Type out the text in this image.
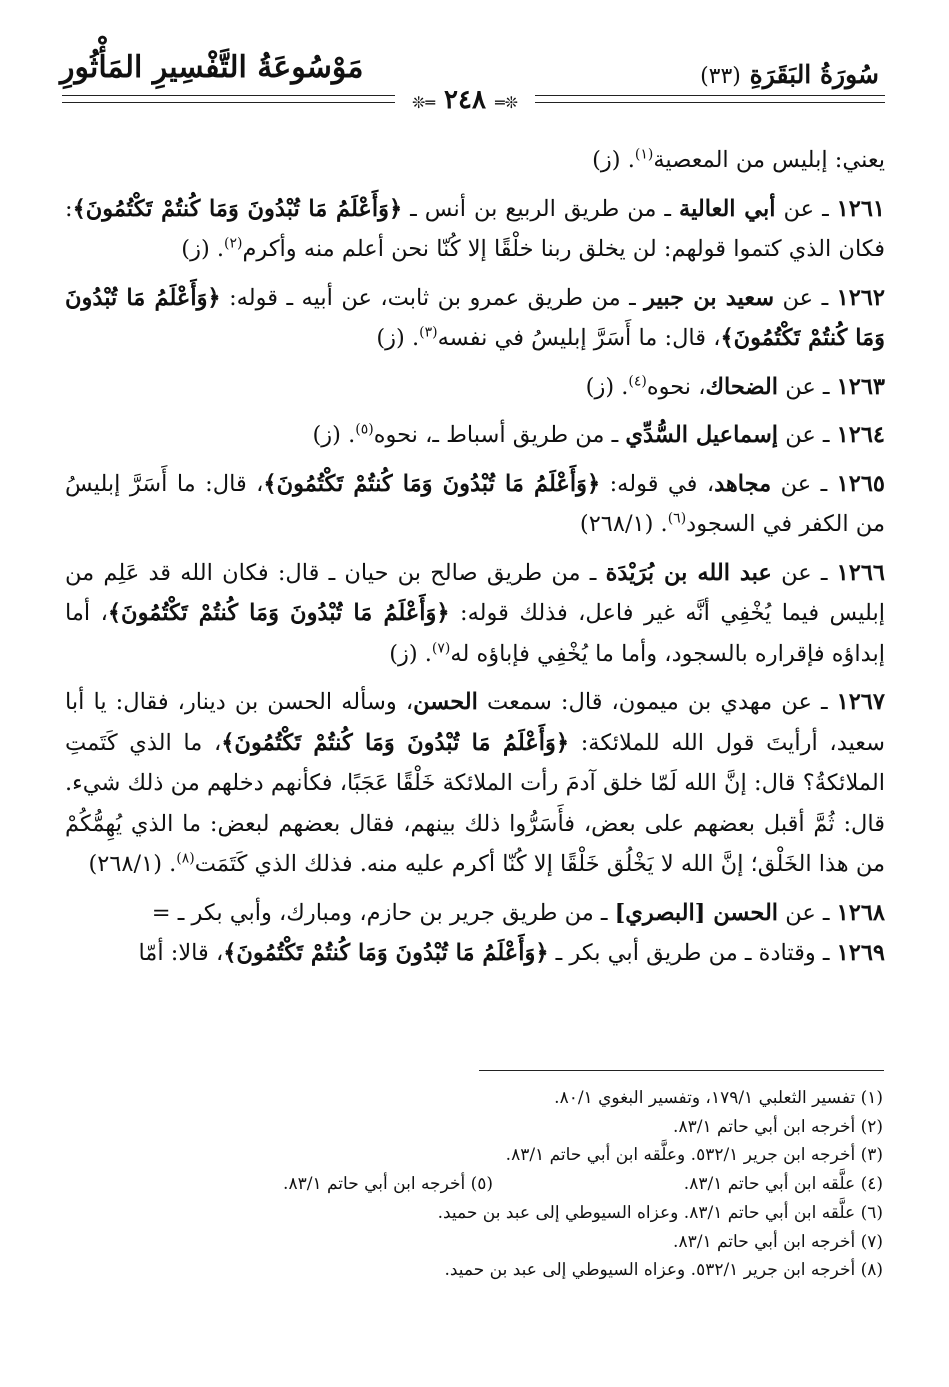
مَوْسُوعَةُ التَّفْسِيرِ المَأْثُورِ	سُورَةُ البَقَرَةِ (٣٣)
❊═ ٢٤٨ ═❊

يعني: إبليس من المعصية$^{(١)}$. (ز)

١٢٦١ ـ عن أبي العالية ـ من طريق الربيع بن أنس ـ ﴿وَأَعْلَمُ مَا تُبْدُونَ وَمَا كُنتُمْ تَكْتُمُونَ﴾: فكان الذي كتموا قولهم: لن يخلق ربنا خلْقًا إلا كُنّا نحن أعلم منه وأكرم$^{(٢)}$. (ز)

١٢٦٢ ـ عن سعيد بن جبير ـ من طريق عمرو بن ثابت، عن أبيه ـ قوله: ﴿وَأَعْلَمُ مَا تُبْدُونَ وَمَا كُنتُمْ تَكْتُمُونَ﴾، قال: ما أَسَرَّ إبليسُ في نفسه$^{(٣)}$. (ز)

١٢٦٣ ـ عن الضحاك، نحوه$^{(٤)}$. (ز)

١٢٦٤ ـ عن إسماعيل السُّدِّي ـ من طريق أسباط ـ، نحوه$^{(٥)}$. (ز)

١٢٦٥ ـ عن مجاهد، في قوله: ﴿وَأَعْلَمُ مَا تُبْدُونَ وَمَا كُنتُمْ تَكْتُمُونَ﴾، قال: ما أَسَرَّ إبليسُ من الكفر في السجود$^{(٦)}$. (٢٦٨/١)

١٢٦٦ ـ عن عبد الله بن بُرَيْدَة ـ من طريق صالح بن حيان ـ قال: فكان الله قد عَلِم من إبليس فيما يُخْفِي أنَّه غير فاعل، فذلك قوله: ﴿وَأَعْلَمُ مَا تُبْدُونَ وَمَا كُنتُمْ تَكْتُمُونَ﴾، أما إبداؤه فإقراره بالسجود، وأما ما يُخْفِي فإباؤه له$^{(٧)}$. (ز)

١٢٦٧ ـ عن مهدي بن ميمون، قال: سمعت الحسن، وسأله الحسن بن دينار، فقال: يا أبا سعيد، أرأيتَ قول الله للملائكة: ﴿وَأَعْلَمُ مَا تُبْدُونَ وَمَا كُنتُمْ تَكْتُمُونَ﴾، ما الذي كَتَمتِ الملائكةُ؟ قال: إنَّ الله لَمّا خلق آدمَ رأت الملائكة خَلْقًا عَجَبًا، فكأنهم دخلهم من ذلك شيء. قال: ثُمَّ أقبل بعضهم على بعض، فأَسَرُّوا ذلك بينهم، فقال بعضهم لبعض: ما الذي يُهِمُّكُمْ من هذا الخَلْق؛ إنَّ الله لا يَخْلُق خَلْقًا إلا كُنّا أكرم عليه منه. فذلك الذي كَتَمَت$^{(٨)}$. (٢٦٨/١)

١٢٦٨ ـ عن الحسن [البصري] ـ من طريق جرير بن حازم، ومبارك، وأبي بكر ـ =

١٢٦٩ ـ وقتادة ـ من طريق أبي بكر ـ ﴿وَأَعْلَمُ مَا تُبْدُونَ وَمَا كُنتُمْ تَكْتُمُونَ﴾، قالا: أمّا

(١) تفسير الثعلبي ١٧٩/١، وتفسير البغوي ٨٠/١.
(٢) أخرجه ابن أبي حاتم ٨٣/١.
(٣) أخرجه ابن جرير ٥٣٢/١. وعلَّقه ابن أبي حاتم ٨٣/١.
(٤) علَّقه ابن أبي حاتم ٨٣/١.
(٥) أخرجه ابن أبي حاتم ٨٣/١.
(٦) علَّقه ابن أبي حاتم ٨٣/١. وعزاه السيوطي إلى عبد بن حميد.
(٧) أخرجه ابن أبي حاتم ٨٣/١.
(٨) أخرجه ابن جرير ٥٣٢/١. وعزاه السيوطي إلى عبد بن حميد.
